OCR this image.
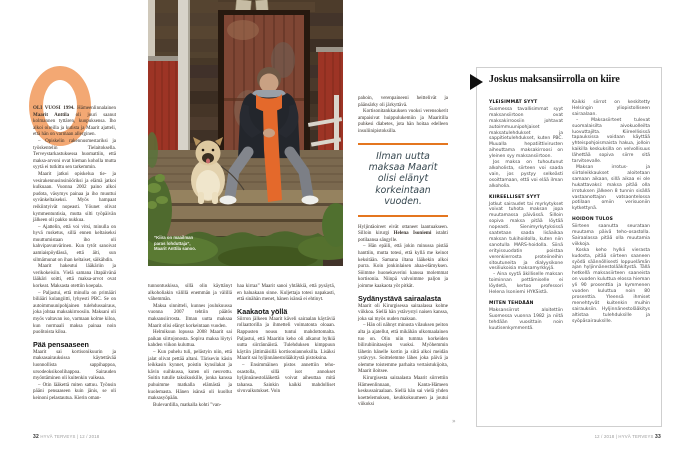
OLI VUOSI 1994. Hämeenlinnalainen Maarit Anttila oli juuri saanut kolmannen tyttären, kuopuksensa. Iho alkoi oireilla ja kutista ja Maarit ajatteli, että hän on varmaan allerginen.

– Opiskelin rakennusmestariksi ja työskentelin Tielaitoksella. Terveystarkastuksessa huomattiin, että maksa-arvoni ovat hieman koholla mutta syytä ei tutkittu sen tarkemmin.

Maarit jatkoi opiskelua tie- ja vesirakennusinsinööriksi ja elämä jatkoi kulkuaan. Vuonna 2002 paino alkoi pudota, väsymys painaa ja iho muuttui syvänkeltaiseksi. Myös hampaat reikiintyivät nopeasti. Yöunet olivat kymmentuntisia, mutta silti työpäivän jälkeen oli pakko nukkua.

– Ajattelin, että voi vitsi, minulla on hyvä rusketus, sillä ennen keltaiseksi muuttumistaan iho oli kahvipavunvärinen. Kun tytöt sanoivat aamiaispöydässä, että äiti, sun silmämunat on ihan keltaiset, säikähdin.

Maarit hakeutui lääkäriin ja verikokeisiin. Vielä samana iltapäivänä lääkäri soitti, että maksa-arvot ovat korkeat. Maksasta otettiin koepala.

– Paljastui, että minulla on primääri biliääri kolangiitti, lyhyesti PBC. Se on autoimmuunipohjainen tulehdussairaus, joka johtaa maksakirroosiin. Maksani oli myös valtavan iso, varmaan kolme kiloa, kun normaali maksa painaa noin puolitoista kiloa.

Pää pensaaseen

Maarit sai kortisonikuurin ja maksasairauksissa käytettävää luonnollista sappihappoa, ursodeoksikoolihappoa. Sairauden myöntäminen oli kuitenkin vaikeaa.

– Otin lääkettä miten sattuu. Työnsin pääni pensaaseen kuin jänis, se oli keinoni pelastautua. Kierin oman-

”Kiira on maailman paras lohduttaja”, Maarit Anttila sanoo.

tunnontuskissa, sillä olin käyttänyt alkoholiakin välillä enemmän ja välillä vähemmän.

Maksa sinnitteli, kunnes joulukuussa vuonna 2007 tehtiin päätös maksansiirrosta. Ilman uutta maksaa Maarit olisi elänyt korkeintaan vuoden.

Helmikuun lopussa 2008 Maarit sai paikan siirtojonosta. Sopiva maksa löytyi kahden viikon kuluttua.

– Kun puhelu tuli, pelästyin niin, että jalat olivat pettää altani. Tärisevin käsin leikkasin kynnet, poistin kynsilakat ja kävin suihkussa, kuten oli neuvottu. Soitin tutulle taksikuskille, jonka kanssa puhuimme matkalla elämästä ja kuolemasta. Hänen isänsä oli kuollut maksasyöpään.

Bulevardilla, matkalla kohti ”van-

haa kirraa” Maarit sanoi yhtäkkiä, että pysäytä, en haluakaan sinne. Kuljettaja totesi napakasti, että sinähän menet, hänen isänsä ei ehtinyt.

Kaakaota yöllä

Siirron jälkeen Maarit käveli sairaalan käytäviä rollaattorilla ja ihmetteli voimatonta oloaan. Rappusten nousu tuntui mahdottomalta. Paljastui, että Maaritin keho oli alkanut hylkiä uutta siirrännäistä. Tulehduksen kimppuun käytiin jättimäisillä kortisoniannoksilla. Lisäksi Maarit sai hyljinnänestolääkitystä pistoksina.

– Ensimmäinen pistos annettiin teho-osastolla, sillä isot annokset hyljinnänestolääkettä voivat aiheuttaa mitä tahansa. Sainkin kaikki mahdolliset sivuvaikutukset. Voin

pahoin, verenpaineeni heittelivät ja päänsärky oli järkyttävä.

Kortisonitankkauksen vuoksi verensokerit ampaisivat huippulukemiin ja Maaritilla puhkesi diabetes, jota hän hoitaa edelleen insuliinipistoksilla.

Ilman uutta maksaa Maarit olisi elänyt korkeintaan vuoden.

Hyljintäoireet eivät ottaneet laantuakseen. Silloin kirurgi Helena Isoniemi istahti potilaansa sängylle.

– Hän epäili, että jokin minussa pistää hanttiin, mutta totesi, että kyllä me keinot keksitään. Samana iltana lääkekin alkoi purra. Koin jonkinlaisen ahaa-elämyksen. Söimme huonekaverini kanssa molemmat kortisonia. Niinpä valvoimme paljon ja joimme kaakaota yöt pitkät.

Sydänystävä sairaalasta

Maarit oli Kirurgisessa sairaalassa kolme viikkoa. Siellä hän ystävystyi naisen kanssa, joka sai myös uuden maksan.

– Hän oli nähnyt minusta vilauksen peiton alta ja ajatellut, että mikähän ulkomaalainen tuo on. Olin niin tumma korkeiden bilirubiinitasojen vuoksi. Myöhemmin lähetin hänelle kortin ja siitä alkoi meidän ystävyys. Soittelemme lähes joka päivä ja olemme toistemme parhaita vertaistukijoita, Maarit iloitsee.

Kirurgisesta sairaalasta Maarit siirrettiin Hämeenlinnaan, Kanta-Hämeen keskussairaalaan. Siellä hän sai vielä yhden koettelemuksen, keuhkokuumeen ja joutui viikoksi

»
Joskus maksansiirrolla on kiire
YLEISIMMÄT SYYT

Suomessa tavallisimmat syyt maksansiirtoon ovat maksakirroosiin johtavat autoimmuunipohjaiset maksatulehdukset ja sappitietulehdukset, kuten PBC. Muualla hepatiittivirusten aiheuttama maksakirroosi on yleinen syy maksansiirtoon.

Jos maksa on tuhoutunut alkoholista, siirteen voi saada vain, jos pystyy selkeästi osoittamaan, että voi elää ilman alkoholia.

KIIREELLISET SYYT

Jotkut sairaudet tai myrkytykset voivat tuhota maksan jopa muutamassa päivässä. Silloin sopiva maksa pitää löytää nopeasti. Sienimyrkytyksissä saatetaan saada lisäaikaa maksan tukihoidolla, kuten niin sanotulla MARS-hoidolla. Siinä erityissuodatin poistaa verenkierrosta proteiineihin sitoutuneita ja dialyysikone vesiliukoisia maksamyrkkyjä.

– Aina syytä äkilliselle maksan toiminnan pettämiselle ei löydetä, kertoo professori Helena Isoniemi HYKSistä.

MITEN TEHDÄÄN

Maksansiirrot aloitettiin Suomessa vuonna 1982 ja niitä tehdään vuosittain noin kuutisenkymmentä.

Kaikki siirrot on keskitetty Helsingin yliopistolliseen sairaalaan.

– Maksasiirteet tulevat suomalaisilta aivokuolleilta luovuttajilta. Kiireellisissä tapauksissa voidaan käyttää yhteispohjoismaista hakua, jolloin kaikilla keskuksilla on velvollisuus lähettää sopiva siirre sitä tarvitsevalle.

Maksan irrotus- ja siirtoleikkaukset aloitetaan samaan aikaan, sillä aikaa ei ole hukattavaksi: maksa pitää olla irrotuksen jälkeen 8 tunnin sisällä vastaanottajan vatsaontelossa potilaan omiin verisuoniin kytkettynä.

HOIDON TULOS

Siirteen saanutta seurataan muutama päivä teho-osastolla. Sairaalassa pitää olla muutamia viikkoja.

Koska keho hylkii vierasta kudosta, pitää siirteen saaneen syödä säännöllisesti loppuelämän ajan hyljinnänestolääkitystä. Tällä hetkellä maksasiirteen saaneista on vuoden kuluttua elossa hieman yli 90 prosenttia ja kymmenen vuoden kuluttua noin 80 prosenttia. Yleensä ihmiset menehtyvät kuitenkin muihin sairauksiin. Hyljinnänestolääkitys altistaa tulehduksille ja syöpäsairauksille.

32 HYVÄ TERVEYS | 12 / 2018	12 / 2018 | HYVÄ TERVEYS 33
